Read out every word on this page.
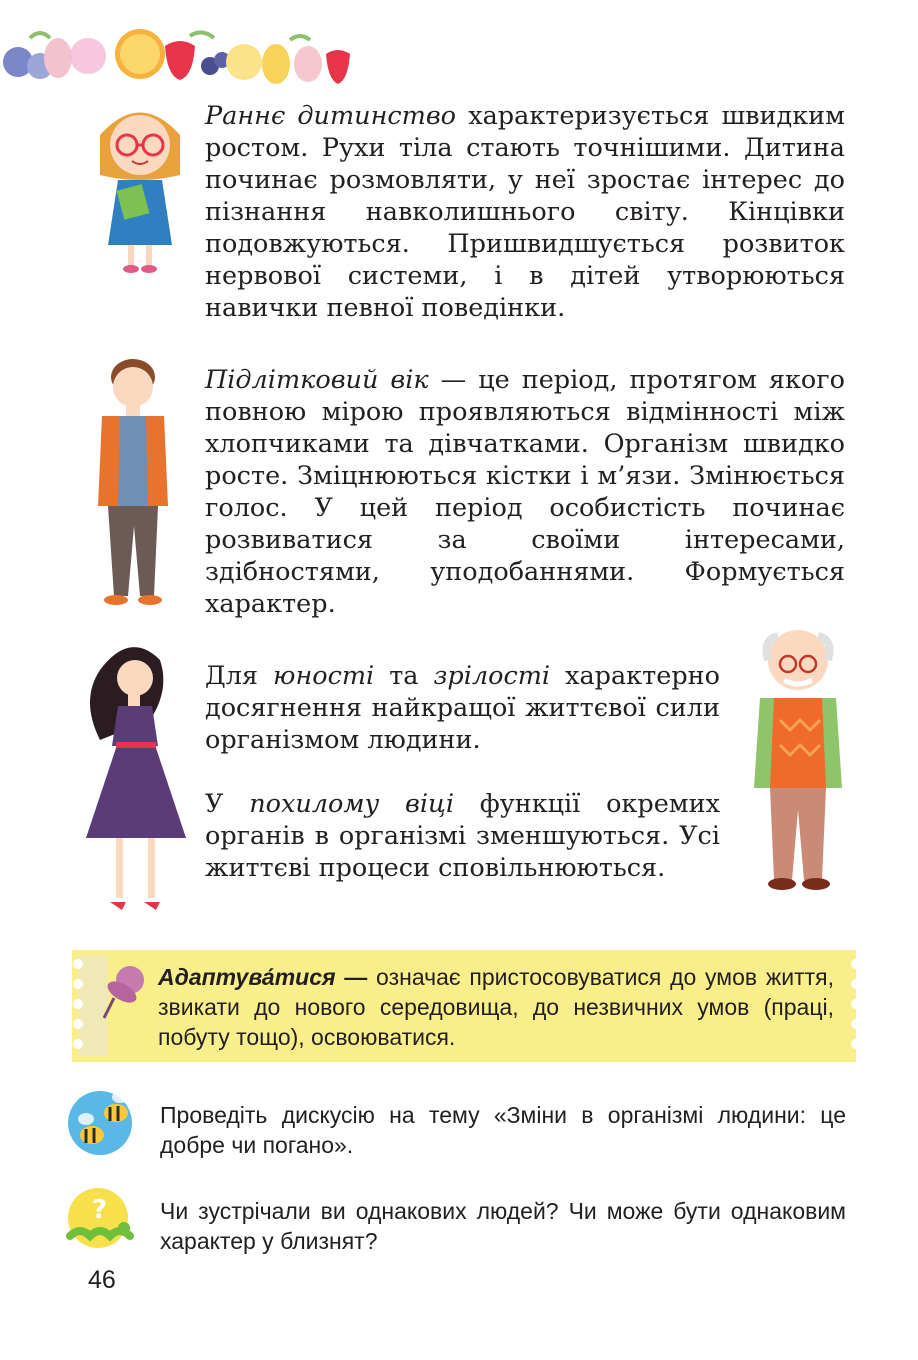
Раннє дитинство характеризується швидким ростом. Рухи тіла стають точнішими. Дитина починає розмовляти, у неї зростає інтерес до пізнання навколишнього світу. Кінцівки подовжуються. Пришвидшується розвиток нервової системи, і в дітей утворюються навички певної поведінки.

Підлітковий вік — це період, протягом якого повною мірою проявляються відмінності між хлопчиками та дівчатками. Організм швидко росте. Зміцнюються кістки і м’язи. Змінюється голос. У цей період особистість починає розвиватися за своїми інтересами, здібностями, уподобаннями. Формується характер.

Для юності та зрілості характерно досягнення найкращої життєвої сили організмом людини.

У похилому віці функції окремих органів в організмі зменшуються. Усі життєві процеси сповільнюються.

Адаптува́тися — означає пристосовуватися до умов життя, звикати до нового середовища, до незвичних умов (праці, побуту тощо), освоюватися.

Проведіть дискусію на тему «Зміни в організмі людини: це добре чи погано».

? Чи зустрічали ви однакових людей? Чи може бути однаковим характер у близнят?

46
